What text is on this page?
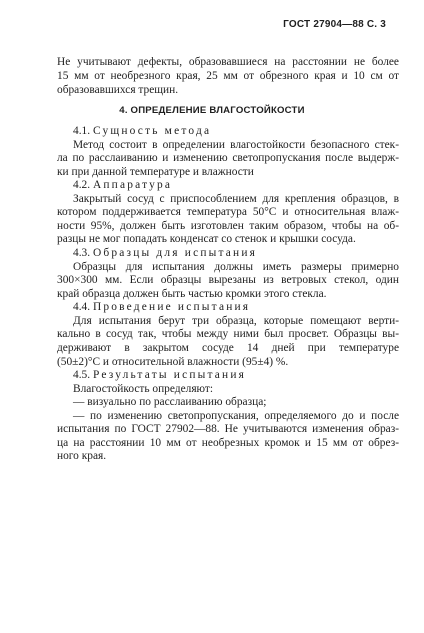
ГОСТ 27904—88 С. 3
Не учитывают дефекты, образовавшиеся на расстоянии не более
15 мм от необрезного края, 25 мм от обрезного края и 10 см от
образовавшихся трещин.
4. ОПРЕДЕЛЕНИЕ ВЛАГОСТОЙКОСТИ
4.1. Сущность метода
Метод состоит в определении влагостойкости безопасного стек-
ла по расслаиванию и изменению светопропускания после выдерж-
ки при данной температуре и влажности
4.2. Аппаратура
Закрытый сосуд с приспособлением для крепления образцов, в
котором поддерживается температура 50°С и относительная влаж-
ности 95%, должен быть изготовлен таким образом, чтобы на об-
разцы не мог попадать конденсат со стенок и крышки сосуда.
4.3. Образцы для испытания
Образцы для испытания должны иметь размеры примерно
300×300 мм. Если образцы вырезаны из ветровых стекол, один
край образца должен быть частью кромки этого стекла.
4.4. Проведение испытания
Для испытания берут три образца, которые помещают верти-
кально в сосуд так, чтобы между ними был просвет. Образцы вы-
держивают в закрытом сосуде 14 дней при температуре
(50±2)°С и относительной влажности (95±4) %.
4.5. Результаты испытания
Влагостойкость определяют:
— визуально по расслаиванию образца;
— по изменению светопропускания, определяемого до и после
испытания по ГОСТ 27902—88. Не учитываются изменения образ-
ца на расстоянии 10 мм от необрезных кромок и 15 мм от обрез-
ного края.
